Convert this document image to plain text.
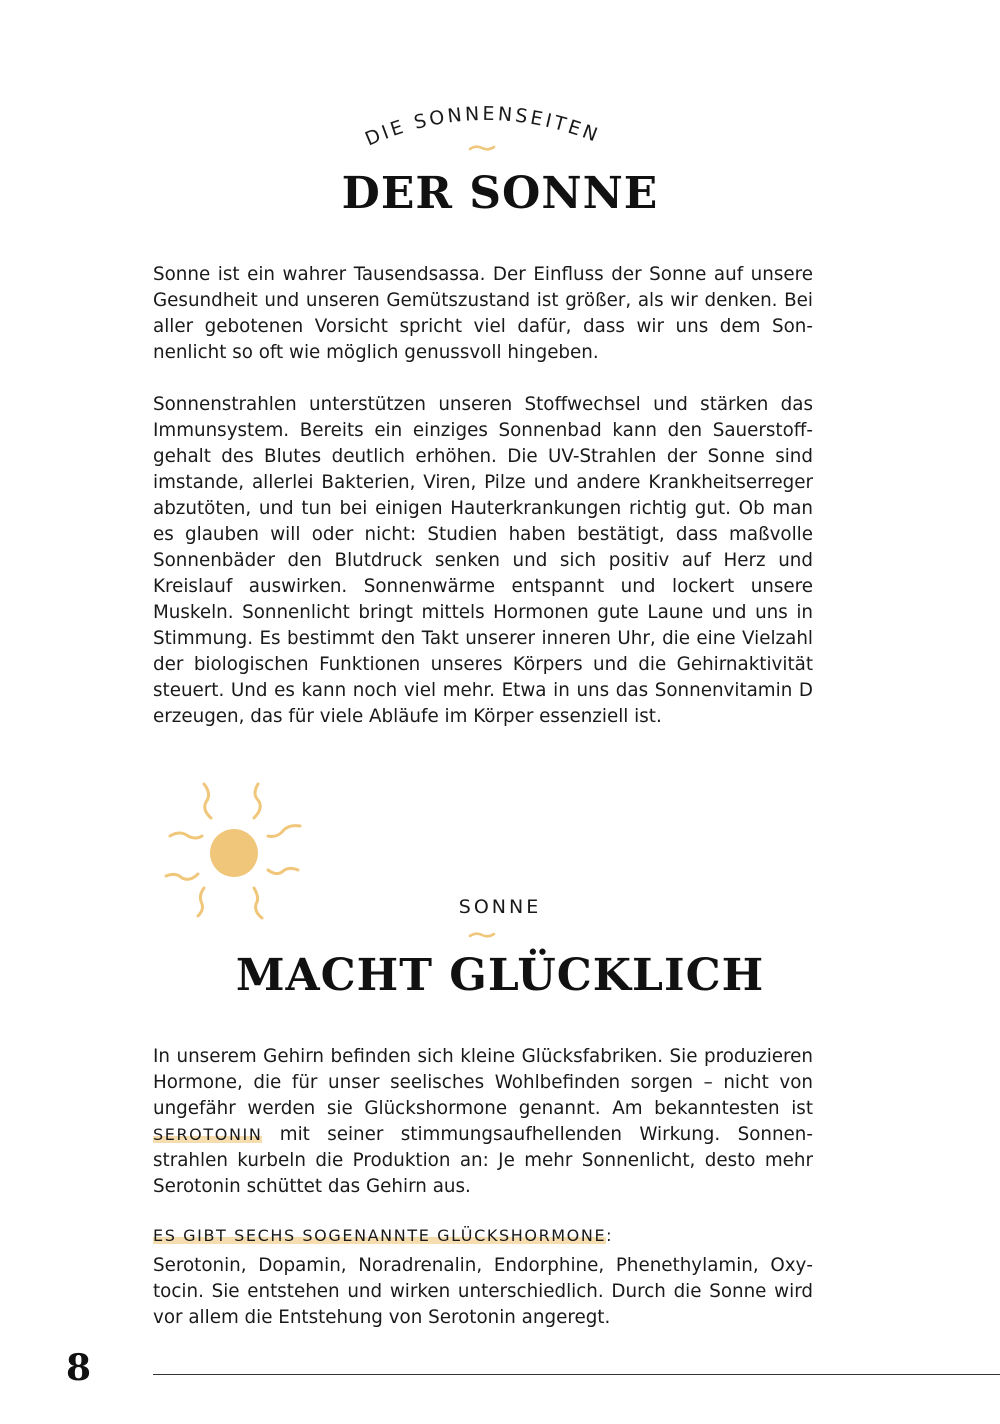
DIE SONNENSEITEN
DER SONNE

Sonne ist ein wahrer Tausendsassa. Der Einfluss der Sonne auf unsere Gesundheit und unseren Gemütszustand ist größer, als wir denken. Bei aller gebotenen Vorsicht spricht viel dafür, dass wir uns dem Sonnenlicht so oft wie möglich genussvoll hingeben.

Sonnenstrahlen unterstützen unseren Stoffwechsel und stärken das Immunsystem. Bereits ein einziges Sonnenbad kann den Sauerstoffgehalt des Blutes deutlich erhöhen. Die UV-Strahlen der Sonne sind imstande, allerlei Bakterien, Viren, Pilze und andere Krankheitserreger abzutöten, und tun bei einigen Hauterkrankungen richtig gut. Ob man es glauben will oder nicht: Studien haben bestätigt, dass maßvolle Sonnenbäder den Blutdruck senken und sich positiv auf Herz und Kreislauf auswirken. Sonnenwärme entspannt und lockert unsere Muskeln. Sonnenlicht bringt mittels Hormonen gute Laune und uns in Stimmung. Es bestimmt den Takt unserer inneren Uhr, die eine Vielzahl der biologischen Funktionen unseres Körpers und die Gehirnaktivität steuert. Und es kann noch viel mehr. Etwa in uns das Sonnenvitamin D erzeugen, das für viele Abläufe im Körper essenziell ist.

SONNE

MACHT GLÜCKLICH

In unserem Gehirn befinden sich kleine Glücksfabriken. Sie produzieren Hormone, die für unser seelisches Wohlbefinden sorgen – nicht von ungefähr werden sie Glückshormone genannt. Am bekanntesten ist SEROTONIN mit seiner stimmungsaufhellenden Wirkung. Sonnenstrahlen kurbeln die Produktion an: Je mehr Sonnenlicht, desto mehr Serotonin schüttet das Gehirn aus.

ES GIBT SECHS SOGENANNTE GLÜCKSHORMONE:

Serotonin, Dopamin, Noradrenalin, Endorphine, Phenethylamin, Oxytocin. Sie entstehen und wirken unterschiedlich. Durch die Sonne wird vor allem die Entstehung von Serotonin angeregt.

8
